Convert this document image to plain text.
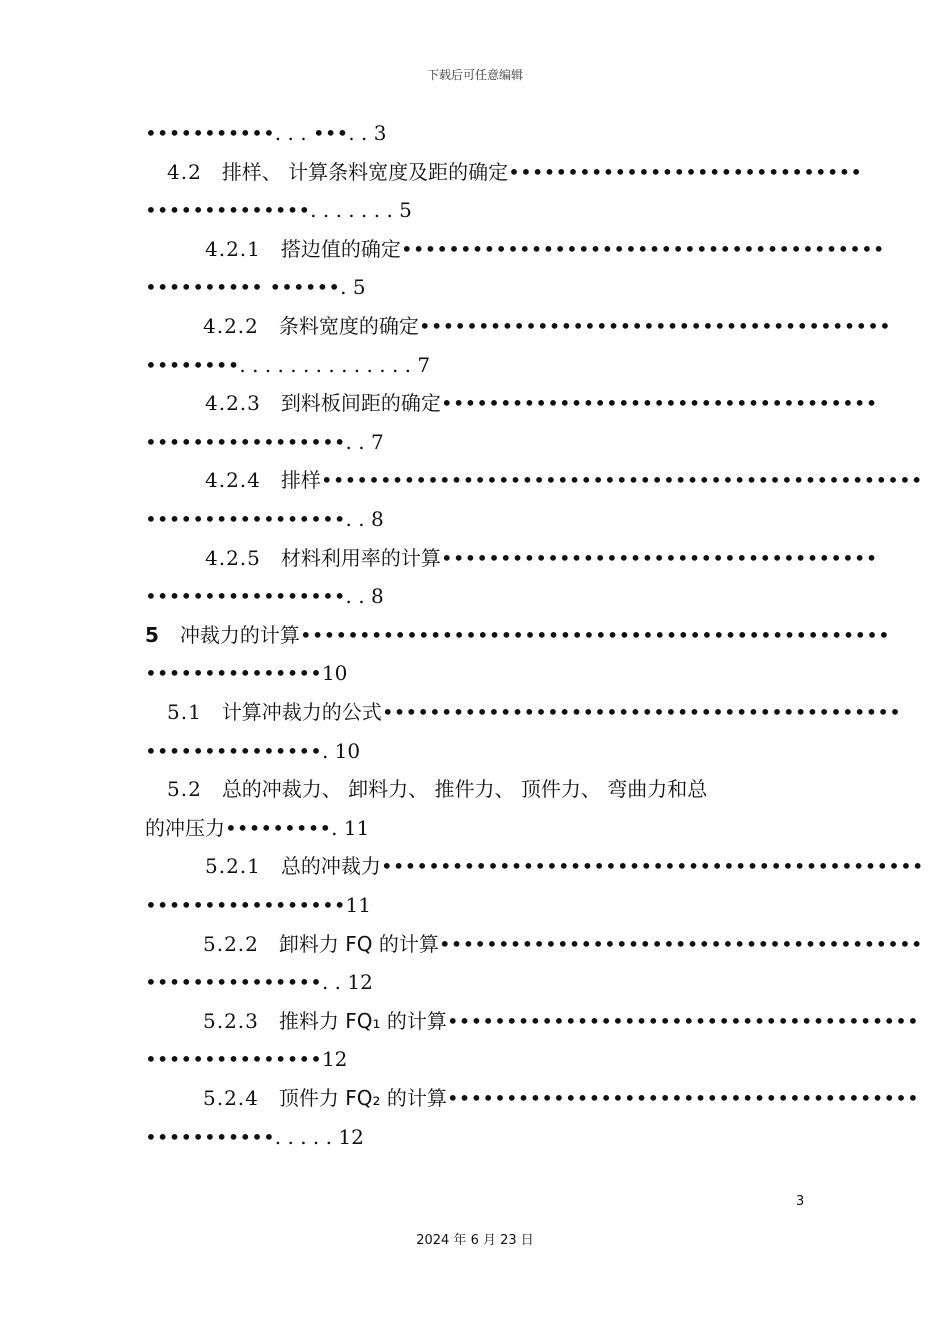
下载后可任意编辑
•••••••••••. . . •••. . 3
4.2 排样、 计算条料宽度及距的确定••••••••••••••••••••••••••••••
••••••••••••••. . . . . . . 5
4.2.1 搭边值的确定•••••••••••••••••••••••••••••••••••••••••
•••••••••• ••••••. 5
4.2.2 条料宽度的确定••••••••••••••••••••••••••••••••••••••••
••••••••. . . . . . . . . . . . . . 7
4.2.3 到料板间距的确定•••••••••••••••••••••••••••••••••••••
•••••••••••••••••. . 7
4.2.4 排样•••••••••••••••••••••••••••••••••••••••••••••••••••
•••••••••••••••••. . 8
4.2.5 材料利用率的计算•••••••••••••••••••••••••••••••••••••
•••••••••••••••••. . 8
5 冲裁力的计算••••••••••••••••••••••••••••••••••••••••••••••••••
•••••••••••••••10
5.1 计算冲裁力的公式••••••••••••••••••••••••••••••••••••••••••••
•••••••••••••••. 10
5.2 总的冲裁力、 卸料力、 推件力、 顶件力、 弯曲力和总
的冲压力•••••••••. 11
5.2.1 总的冲裁力••••••••••••••••••••••••••••••••••••••••••••••
•••••••••••••••••11
5.2.2 卸料力 FQ 的计算•••••••••••••••••••••••••••••••••••••••••
•••••••••••••••. . 12
5.2.3 推料力 FQ₁ 的计算••••••••••••••••••••••••••••••••••••••••
•••••••••••••••12
5.2.4 顶件力 FQ₂ 的计算••••••••••••••••••••••••••••••••••••••••
•••••••••••. . . . . 12
3
2024 年 6 月 23 日
